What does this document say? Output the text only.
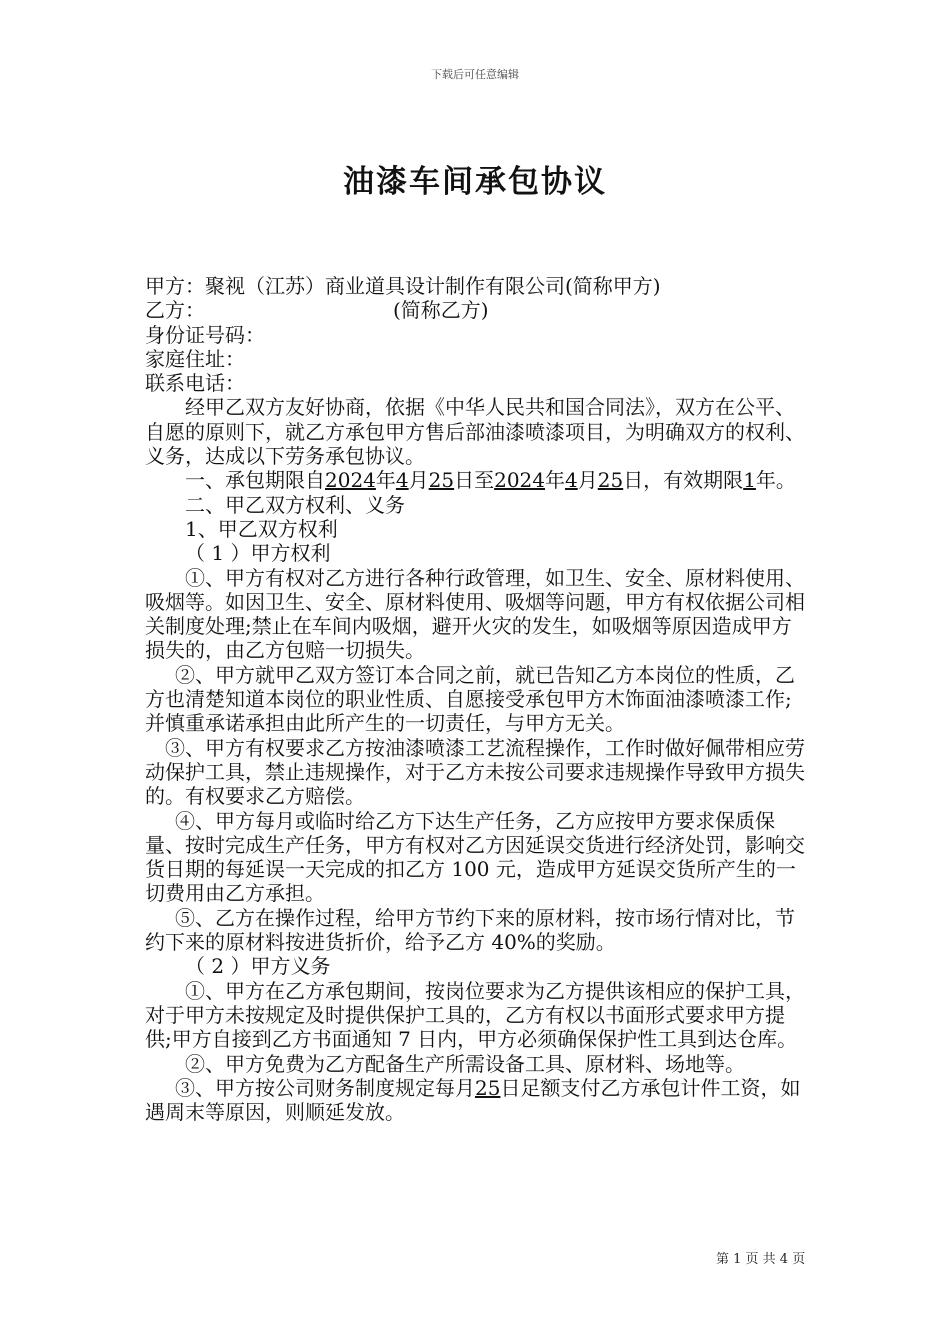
下载后可任意编辑
油漆车间承包协议

甲方：聚视（江苏）商业道具设计制作有限公司(简称甲方)

乙方：	(简称乙方)

身份证号码：

家庭住址：

联系电话：

经甲乙双方友好协商，依据《中华人民共和国合同法》，双方在公平、自愿的原则下，就乙方承包甲方售后部油漆喷漆项目，为明确双方的权利、义务，达成以下劳务承包协议。

一、承包期限自2024年4月25日至2024年4月25日，有效期限1年。

二、甲乙双方权利、义务

1、甲乙双方权利

（ 1 ）甲方权利

①、甲方有权对乙方进行各种行政管理，如卫生、安全、原材料使用、吸烟等。如因卫生、安全、原材料使用、吸烟等问题，甲方有权依据公司相关制度处理;禁止在车间内吸烟，避开火灾的发生，如吸烟等原因造成甲方损失的，由乙方包赔一切损失。

②、甲方就甲乙双方签订本合同之前，就已告知乙方本岗位的性质，乙方也清楚知道本岗位的职业性质、自愿接受承包甲方木饰面油漆喷漆工作;并慎重承诺承担由此所产生的一切责任，与甲方无关。

③、甲方有权要求乙方按油漆喷漆工艺流程操作，工作时做好佩带相应劳动保护工具，禁止违规操作，对于乙方未按公司要求违规操作导致甲方损失的。有权要求乙方赔偿。

④、甲方每月或临时给乙方下达生产任务，乙方应按甲方要求保质保量、按时完成生产任务，甲方有权对乙方因延误交货进行经济处罚，影响交货日期的每延误一天完成的扣乙方 100 元，造成甲方延误交货所产生的一切费用由乙方承担。

⑤、乙方在操作过程，给甲方节约下来的原材料，按市场行情对比，节约下来的原材料按进货折价，给予乙方 40%的奖励。

（ 2 ）甲方义务

①、甲方在乙方承包期间，按岗位要求为乙方提供该相应的保护工具，对于甲方未按规定及时提供保护工具的，乙方有权以书面形式要求甲方提供;甲方自接到乙方书面通知 7 日内，甲方必须确保保护性工具到达仓库。

②、甲方免费为乙方配备生产所需设备工具、原材料、场地等。

③、甲方按公司财务制度规定每月25日足额支付乙方承包计件工资，如遇周末等原因，则顺延发放。

第 1 页 共 4 页
